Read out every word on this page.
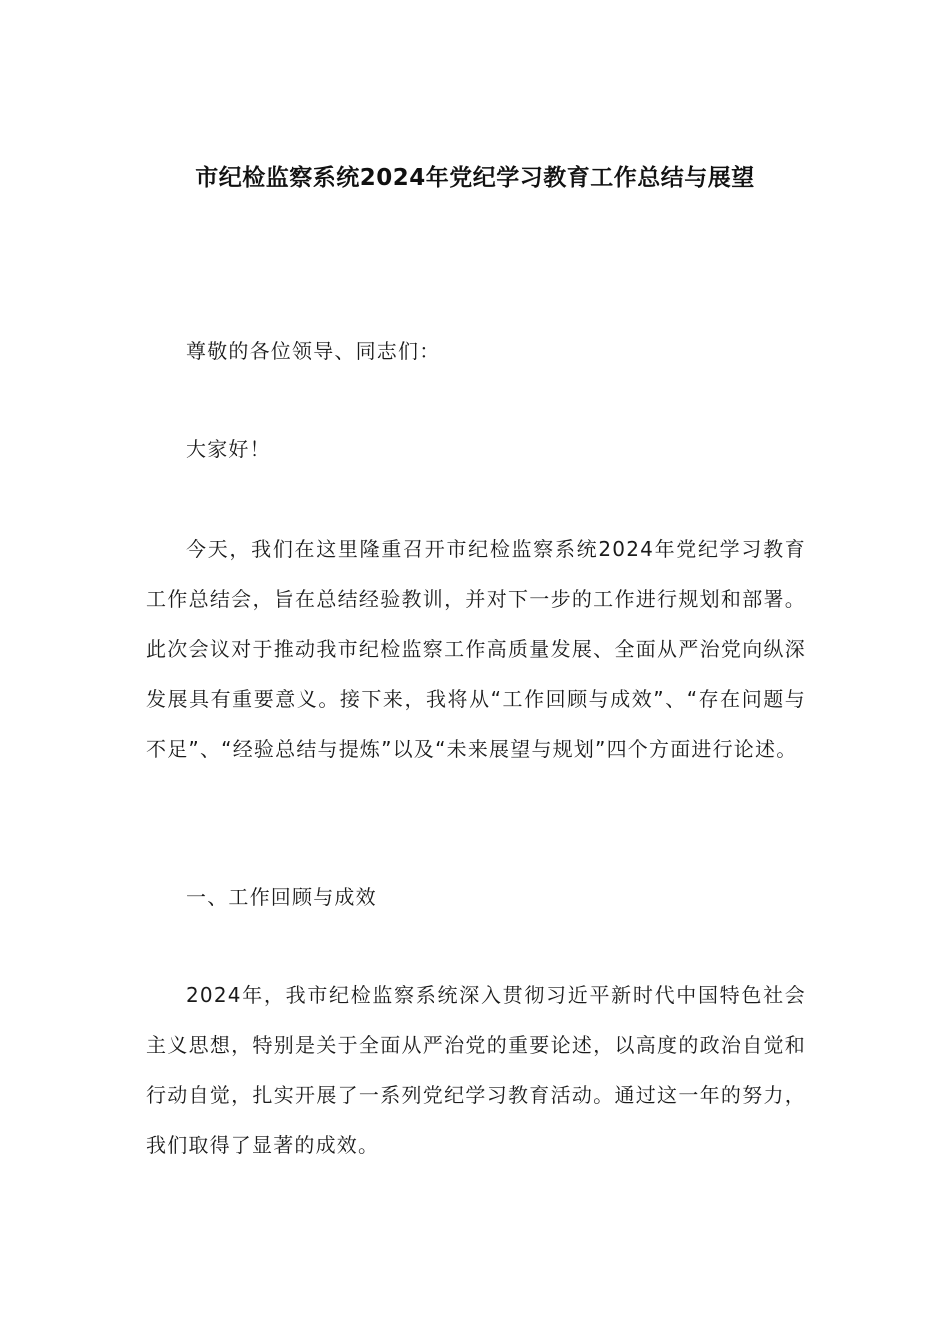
市纪检监察系统2024年党纪学习教育工作总结与展望

尊敬的各位领导、同志们：

大家好！

今天，我们在这里隆重召开市纪检监察系统2024年党纪学习教育工作总结会，旨在总结经验教训，并对下一步的工作进行规划和部署。此次会议对于推动我市纪检监察工作高质量发展、全面从严治党向纵深发展具有重要意义。接下来，我将从“工作回顾与成效”、“存在问题与不足”、“经验总结与提炼”以及“未来展望与规划”四个方面进行论述。

一、工作回顾与成效

2024年，我市纪检监察系统深入贯彻习近平新时代中国特色社会主义思想，特别是关于全面从严治党的重要论述，以高度的政治自觉和行动自觉，扎实开展了一系列党纪学习教育活动。通过这一年的努力，我们取得了显著的成效。
